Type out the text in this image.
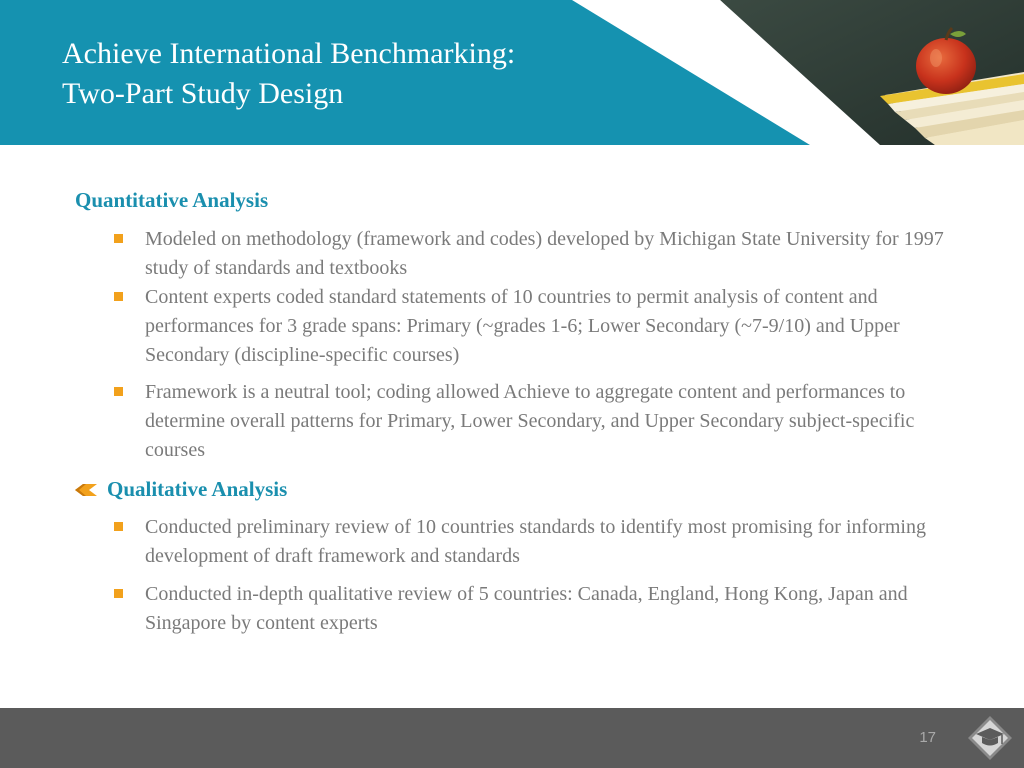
Achieve International Benchmarking:
Two-Part Study Design
Quantitative Analysis
Modeled on methodology (framework and codes) developed by Michigan State University for 1997 study of standards and textbooks
Content experts coded standard statements of 10 countries to permit analysis of content and performances for 3 grade spans: Primary (~grades 1-6; Lower Secondary (~7-9/10) and Upper Secondary (discipline-specific courses)
Framework is a neutral tool; coding allowed Achieve to aggregate content and performances to determine overall patterns for Primary, Lower Secondary, and Upper Secondary subject-specific courses
Qualitative Analysis
Conducted preliminary review of 10 countries standards to identify most promising for informing development of draft framework and standards
Conducted in-depth qualitative review of 5 countries: Canada, England, Hong Kong, Japan and Singapore by content experts
17
